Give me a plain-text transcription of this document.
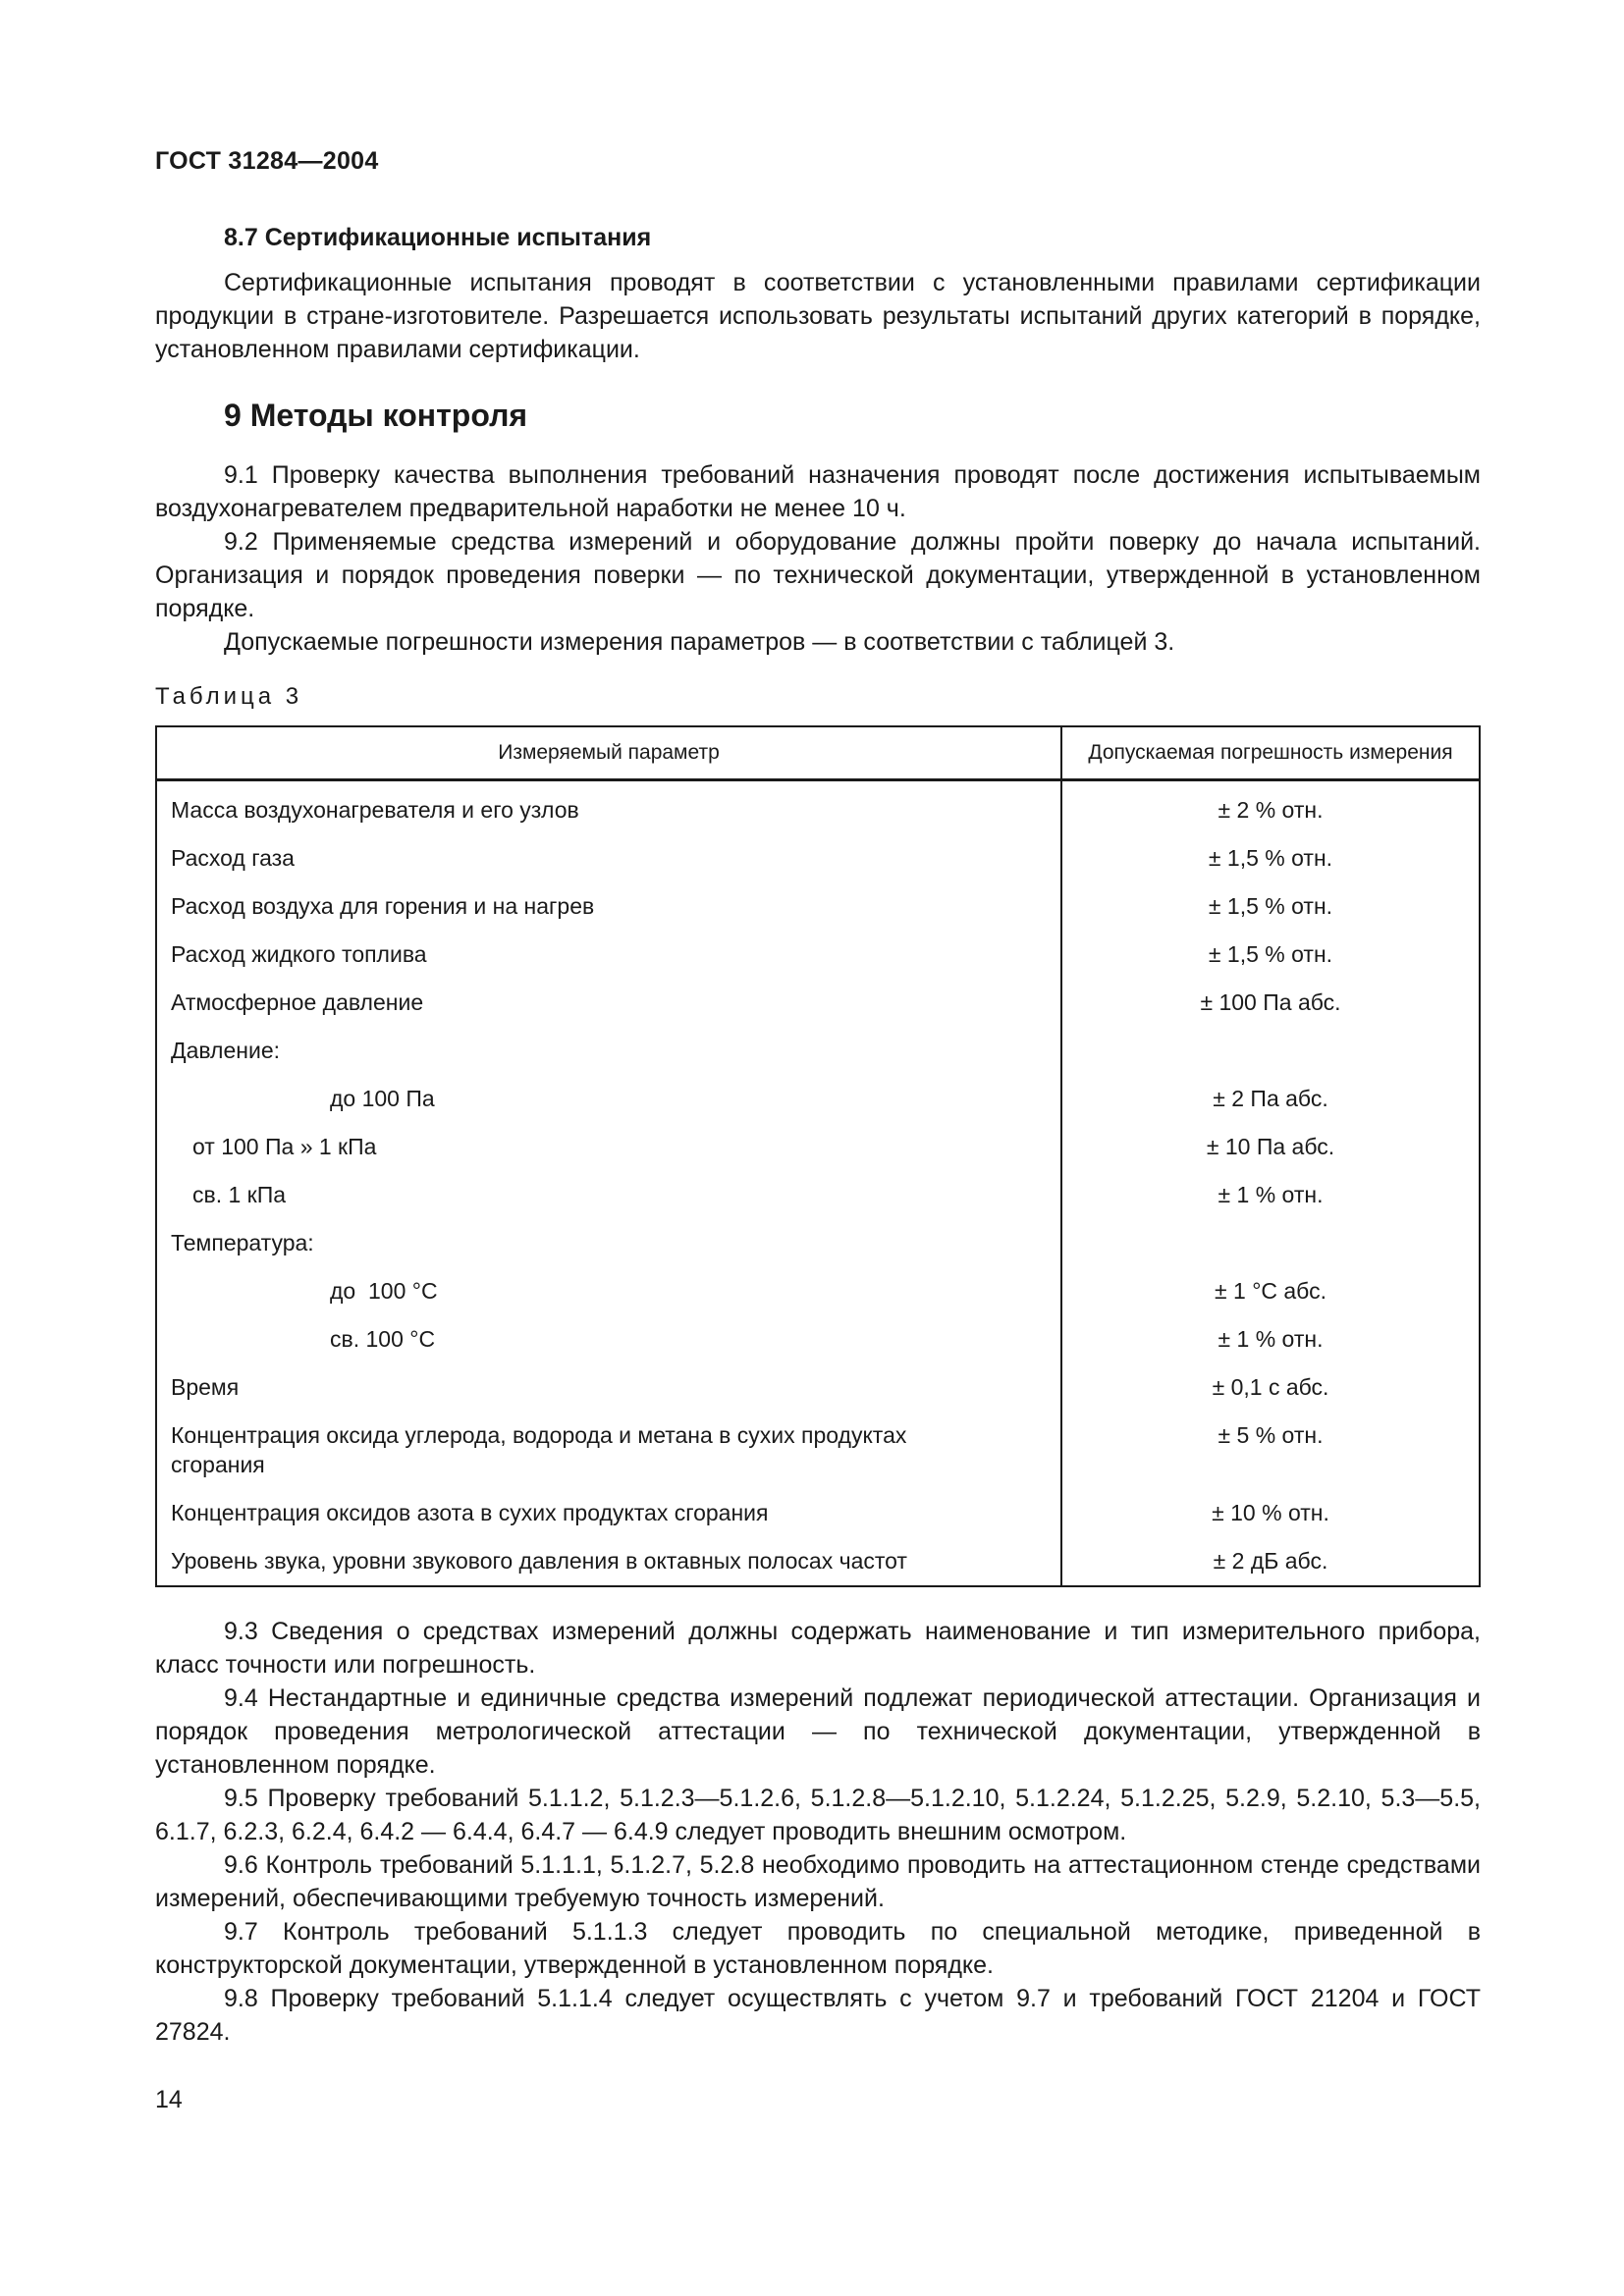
ГОСТ 31284—2004
8.7 Сертификационные испытания

Сертификационные испытания проводят в соответствии с установленными правилами сертификации продукции в стране-изготовителе. Разрешается использовать результаты испытаний других категорий в порядке, установленном правилами сертификации.

9 Методы контроля

9.1 Проверку качества выполнения требований назначения проводят после достижения испытываемым воздухонагревателем предварительной наработки не менее 10 ч.

9.2 Применяемые средства измерений и оборудование должны пройти поверку до начала испытаний. Организация и порядок проведения поверки — по технической документации, утвержденной в установленном порядке.

Допускаемые погрешности измерения параметров — в соответствии с таблицей 3.

Таблица 3
Измеряемый параметр	Допускаемая погрешность измерения
Масса воздухонагревателя и его узлов	± 2 % отн.
Расход газа	± 1,5 % отн.
Расход воздуха для горения и на нагрев	± 1,5 % отн.
Расход жидкого топлива	± 1,5 % отн.
Атмосферное давление	± 100 Па абс.
Давление:	
до 100 Па	± 2 Па абс.
от 100 Па » 1 кПа	± 10 Па абс.
св. 1 кПа	± 1 % отн.
Температура:	
до  100 °С	± 1 °С абс.
св. 100 °С	± 1 % отн.
Время	± 0,1 с абс.
Концентрация оксида углерода, водорода и метана в сухих продуктах сгорания	± 5 % отн.
Концентрация оксидов азота в сухих продуктах сгорания	± 10 % отн.
Уровень звука, уровни звукового давления в октавных полосах частот	± 2 дБ абс.

9.3 Сведения о средствах измерений должны содержать наименование и тип измерительного прибора, класс точности или погрешность.

9.4 Нестандартные и единичные средства измерений подлежат периодической аттестации. Организация и порядок проведения метрологической аттестации — по технической документации, утвержденной в установленном порядке.

9.5 Проверку требований 5.1.1.2, 5.1.2.3—5.1.2.6, 5.1.2.8—5.1.2.10, 5.1.2.24, 5.1.2.25, 5.2.9, 5.2.10, 5.3—5.5, 6.1.7, 6.2.3, 6.2.4, 6.4.2 — 6.4.4, 6.4.7 — 6.4.9 следует проводить внешним осмотром.

9.6 Контроль требований 5.1.1.1, 5.1.2.7, 5.2.8 необходимо проводить на аттестационном стенде средствами измерений, обеспечивающими требуемую точность измерений.

9.7 Контроль требований 5.1.1.3 следует проводить по специальной методике, приведенной в конструкторской документации, утвержденной в установленном порядке.

9.8 Проверку требований 5.1.1.4 следует осуществлять с учетом 9.7 и требований ГОСТ 21204 и ГОСТ 27824.

14
